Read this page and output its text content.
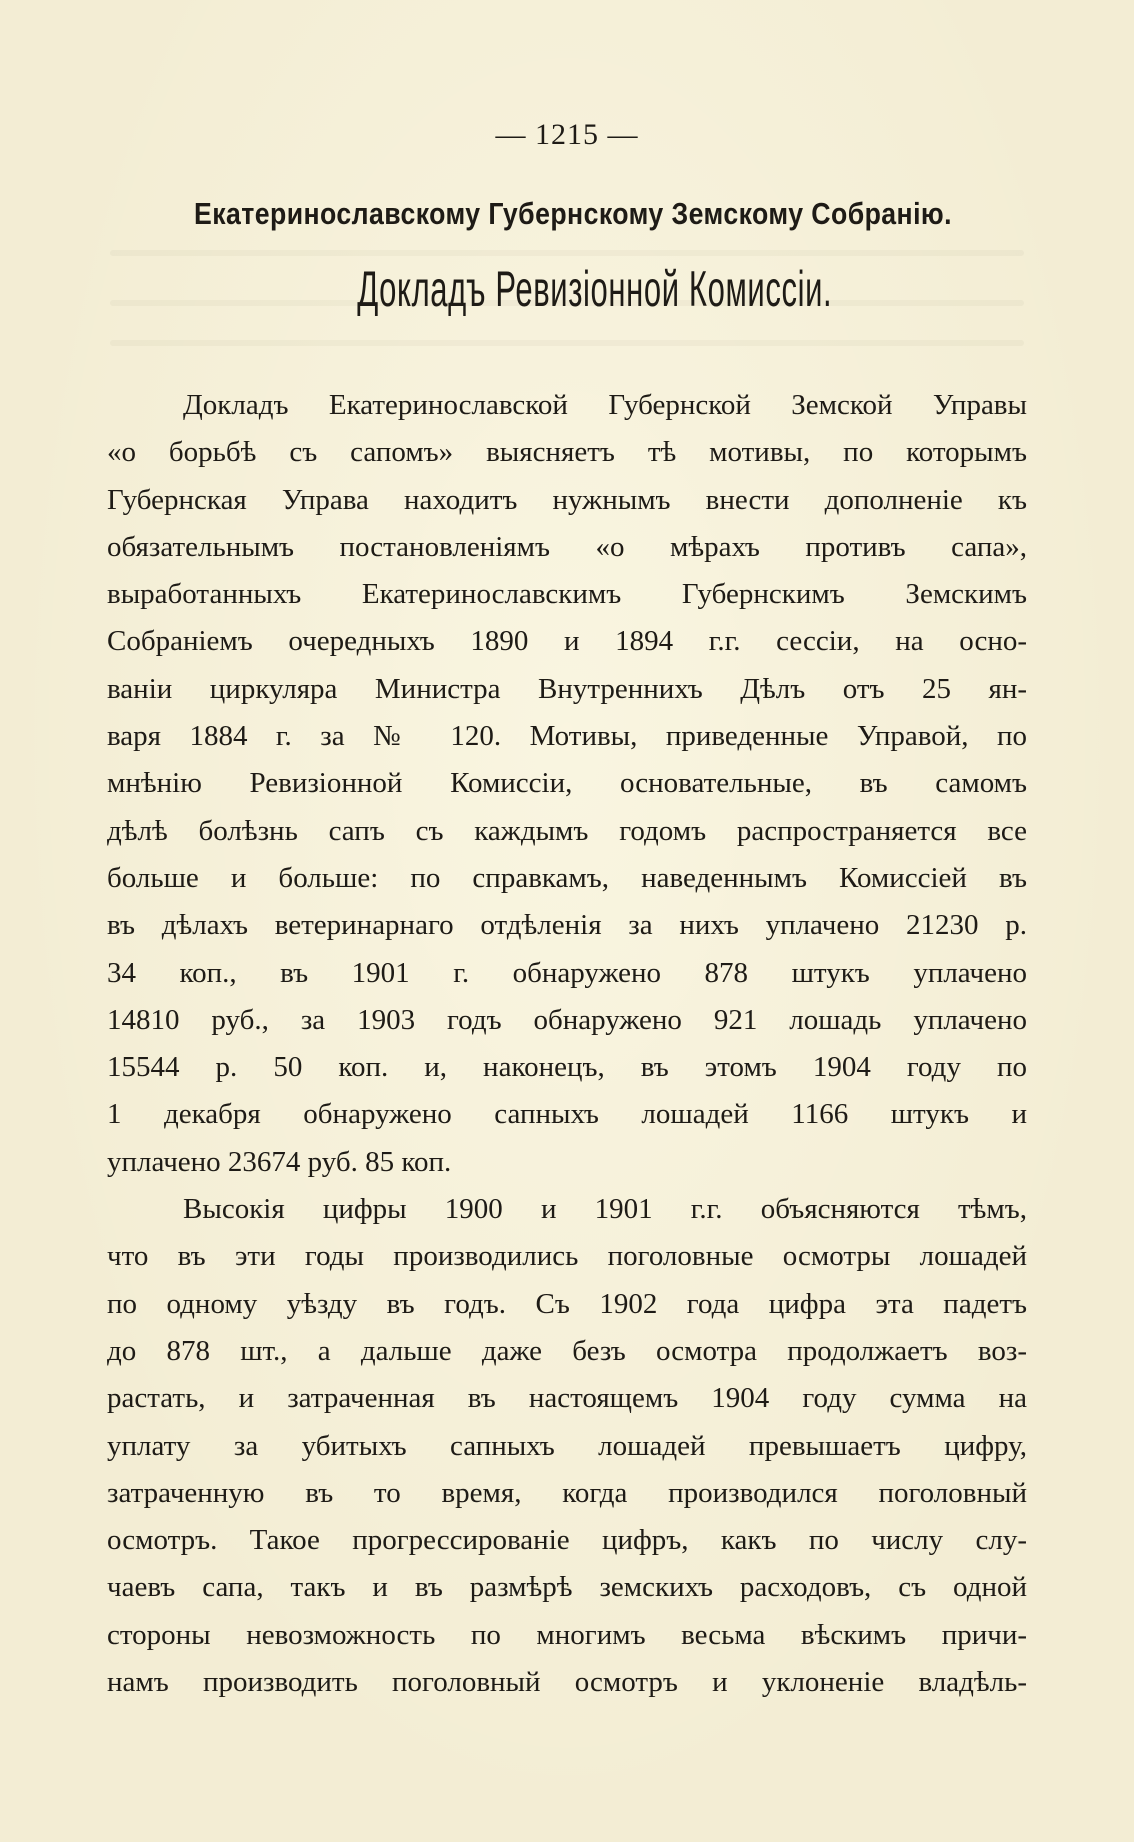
— 1215 —
Екатеринославскому Губернскому Земскому Собранію.
Докладъ Ревизіонной Комиссіи.
Докладъ Екатеринославской Губернской Земской Управы
«о борьбѣ съ сапомъ» выясняетъ тѣ мотивы, по которымъ
Губернская Управа находитъ нужнымъ внести дополненіе къ
обязательнымъ постановленіямъ «о мѣрахъ противъ сапа»,
выработанныхъ Екатеринославскимъ Губернскимъ Земскимъ
Собраніемъ очередныхъ 1890 и 1894 г.г. сессіи, на осно-
ваніи циркуляра Министра Внутреннихъ Дѣлъ отъ 25 ян-
варя 1884 г. за № 120. Мотивы, приведенные Управой, по
мнѣнію Ревизіонной Комиссіи, основательные, въ самомъ
дѣлѣ болѣзнь сапъ съ каждымъ годомъ распространяется все
больше и больше: по справкамъ, наведеннымъ Комиссіей въ
въ дѣлахъ ветеринарнаго отдѣленія за нихъ уплачено 21230 р.
34 коп., въ 1901 г. обнаружено 878 штукъ уплачено
14810 руб., за 1903 годъ обнаружено 921 лошадь уплачено
15544 р. 50 коп. и, наконецъ, въ этомъ 1904 году по
1 декабря обнаружено сапныхъ лошадей 1166 штукъ и
уплачено 23674 руб. 85 коп.
Высокія цифры 1900 и 1901 г.г. объясняются тѣмъ,
что въ эти годы производились поголовные осмотры лошадей
по одному уѣзду въ годъ. Съ 1902 года цифра эта падетъ
до 878 шт., а дальше даже безъ осмотра продолжаетъ воз-
растать, и затраченная въ настоящемъ 1904 году сумма на
уплату за убитыхъ сапныхъ лошадей превышаетъ цифру,
затраченную въ то время, когда производился поголовный
осмотръ. Такое прогрессированіе цифръ, какъ по числу слу-
чаевъ сапа, такъ и въ размѣрѣ земскихъ расходовъ, съ одной
стороны невозможность по многимъ весьма вѣскимъ причи-
намъ производить поголовный осмотръ и уклоненіе владѣль-
